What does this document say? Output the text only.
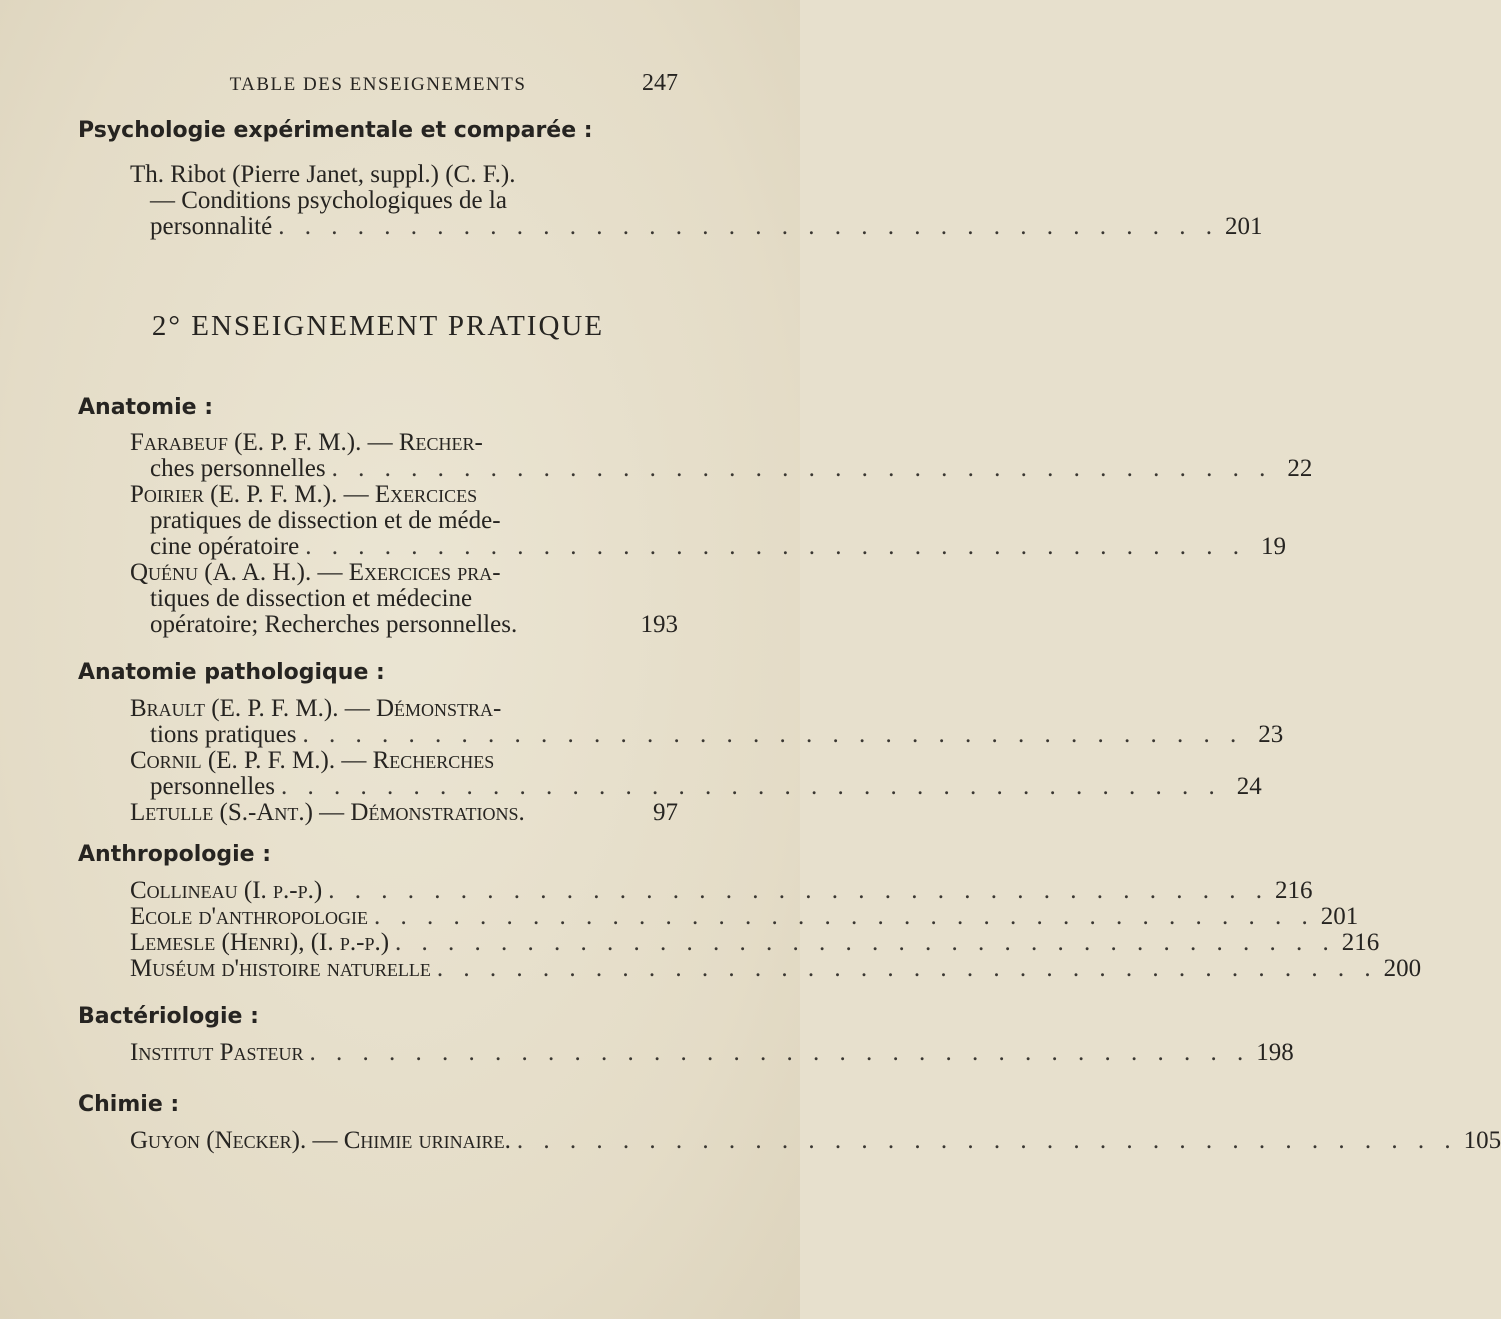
TABLE DES ENSEIGNEMENTS	247
Psychologie expérimentale et comparée :
Th. Ribot (Pierre Janet, suppl.) (C. F.).
— Conditions psychologiques de la
personnalité . . . . . . . . . . . . . . . . . . . . . . . . . . . . . . . . . . . . 201
2° ENSEIGNEMENT PRATIQUE
Anatomie :
Farabeuf (E. P. F. M.). — Recher-
ches personnelles . . . . . . . . . . . . . . . . . . . . . . . . . . . . . . . . . . . . 22
Poirier (E. P. F. M.). — Exercices
pratiques de dissection et de méde-
cine opératoire . . . . . . . . . . . . . . . . . . . . . . . . . . . . . . . . . . . . 19
Quénu (A. A. H.). — Exercices pra-
tiques de dissection et médecine
opératoire; Recherches personnelles.	193
Anatomie pathologique :
Brault (E. P. F. M.). — Démonstra-
tions pratiques . . . . . . . . . . . . . . . . . . . . . . . . . . . . . . . . . . . . 23
Cornil (E. P. F. M.). — Recherches
personnelles . . . . . . . . . . . . . . . . . . . . . . . . . . . . . . . . . . . . 24
Letulle (S.-Ant.) — Démonstrations.	97
Anthropologie :
Collineau (I. p.-p.) . . . . . . . . . . . . . . . . . . . . . . . . . . . . . . . . . . . . 216
Ecole d'anthropologie . . . . . . . . . . . . . . . . . . . . . . . . . . . . . . . . . . . . 201
Lemesle (Henri), (I. p.-p.) . . . . . . . . . . . . . . . . . . . . . . . . . . . . . . . . . . . . 216
Muséum d'histoire naturelle . . . . . . . . . . . . . . . . . . . . . . . . . . . . . . . . . . . . 200
Bactériologie :
Institut Pasteur . . . . . . . . . . . . . . . . . . . . . . . . . . . . . . . . . . . . 198
Chimie :
Guyon (Necker). — Chimie urinaire. . . . . . . . . . . . . . . . . . . . . . . . . . . . . . . . . . . . . 105
